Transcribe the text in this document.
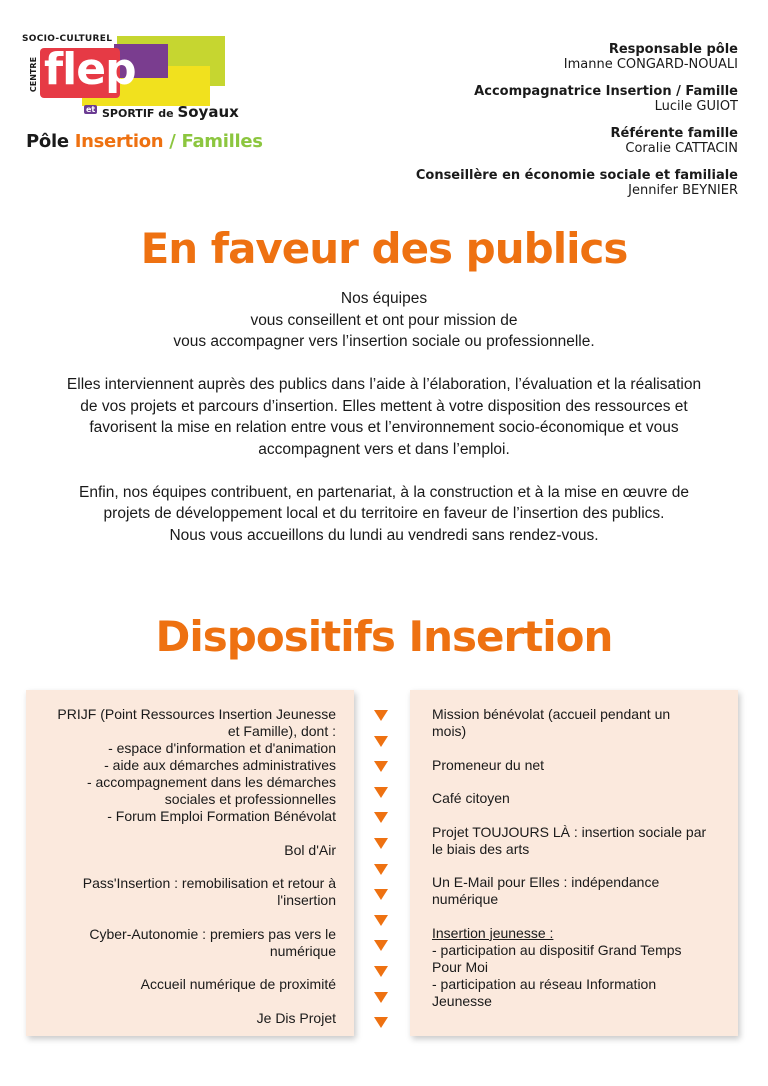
flep
SOCIO-CULTUREL
CENTRE
et SPORTIF de Soyaux
Pôle Insertion / Familles
Responsable pôle
Imanne CONGARD-NOUALI
Accompagnatrice Insertion / Famille
Lucile GUIOT
Référente famille
Coralie CATTACIN
Conseillère en économie sociale et familiale
Jennifer BEYNIER
En faveur des publics

Nos équipes
vous conseillent et ont pour mission de
vous accompagner vers l’insertion sociale ou professionnelle.

Elles interviennent auprès des publics dans l’aide à l’élaboration, l’évaluation et la réalisation
de vos projets et parcours d’insertion. Elles mettent à votre disposition des ressources et
favorisent la mise en relation entre vous et l’environnement socio-économique et vous
accompagnent vers et dans l’emploi.

Enfin, nos équipes contribuent, en partenariat, à la construction et à la mise en œuvre de
projets de développement local et du territoire en faveur de l’insertion des publics.
Nous vous accueillons du lundi au vendredi sans rendez-vous.

Dispositifs Insertion
PRIJF (Point Ressources Insertion Jeunesse
et Famille), dont :
- espace d'information et d'animation
- aide aux démarches administratives
- accompagnement dans les démarches
sociales et professionnelles
- Forum Emploi Formation Bénévolat
Bol d'Air
Pass'Insertion : remobilisation et retour à
l'insertion
Cyber-Autonomie : premiers pas vers le
numérique
Accueil numérique de proximité
Je Dis Projet
Mission bénévolat (accueil pendant un
mois)
Promeneur du net
Café citoyen
Projet TOUJOURS LÀ : insertion sociale par
le biais des arts
Un E-Mail pour Elles : indépendance
numérique
Insertion jeunesse :
- participation au dispositif Grand Temps
Pour Moi
- participation au réseau Information
Jeunesse
